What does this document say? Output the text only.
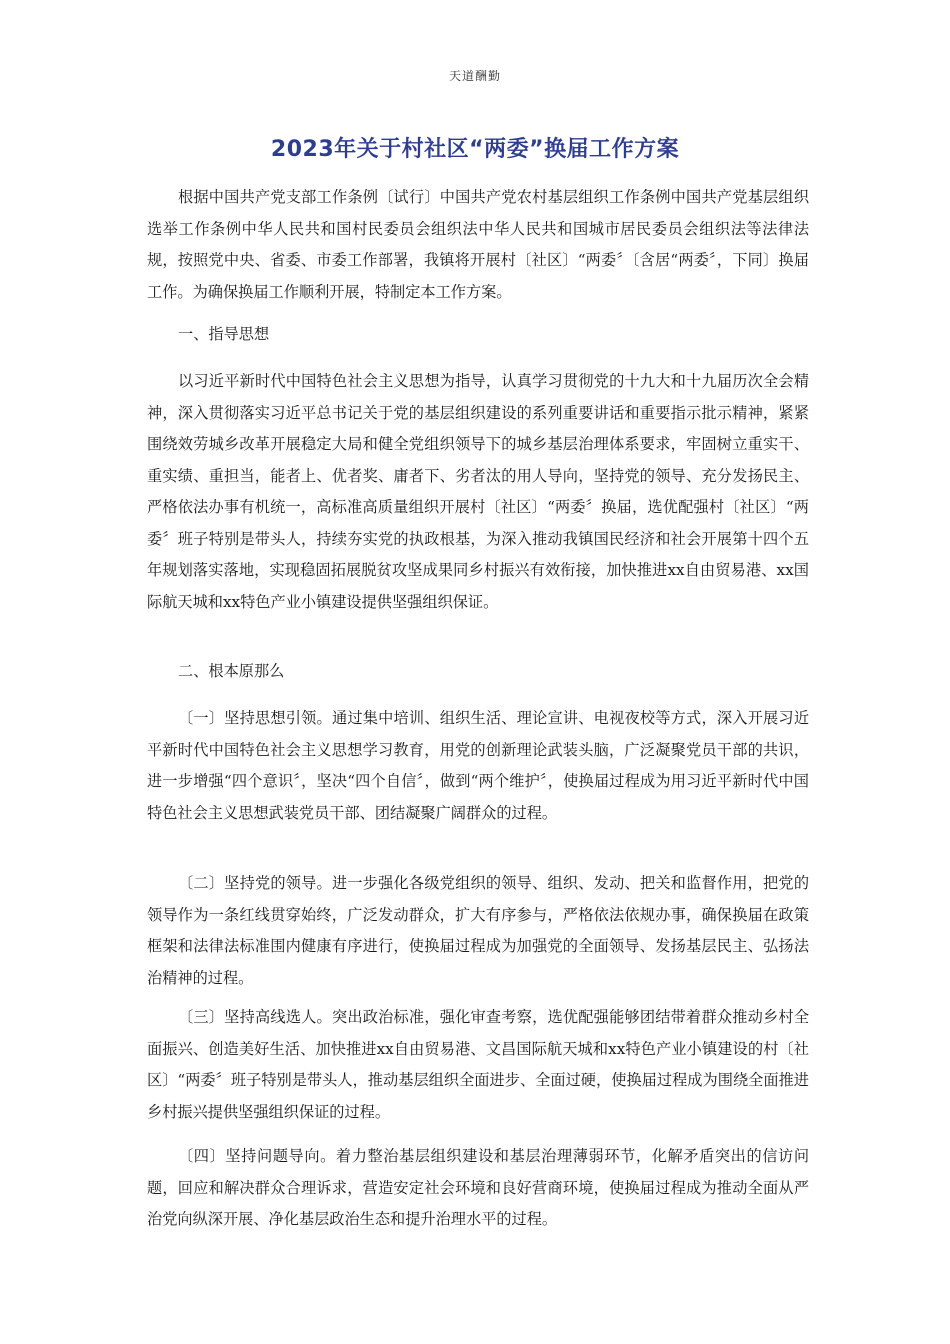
天道酬勤
2023年关于村社区“两委”换届工作方案

根据中国共产党支部工作条例〔试行〕中国共产党农村基层组织工作条例中国共产党基层组织选举工作条例中华人民共和国村民委员会组织法中华人民共和国城市居民委员会组织法等法律法规，按照党中央、省委、市委工作部署，我镇将开展村〔社区〕“两委〞〔含居“两委〞，下同〕换届工作。为确保换届工作顺利开展，特制定本工作方案。

一、指导思想

以习近平新时代中国特色社会主义思想为指导，认真学习贯彻党的十九大和十九届历次全会精神，深入贯彻落实习近平总书记关于党的基层组织建设的系列重要讲话和重要指示批示精神，紧紧围绕效劳城乡改革开展稳定大局和健全党组织领导下的城乡基层治理体系要求，牢固树立重实干、重实绩、重担当，能者上、优者奖、庸者下、劣者汰的用人导向，坚持党的领导、充分发扬民主、严格依法办事有机统一，高标准高质量组织开展村〔社区〕“两委〞换届，选优配强村〔社区〕“两委〞班子特别是带头人，持续夯实党的执政根基，为深入推动我镇国民经济和社会开展第十四个五年规划落实落地，实现稳固拓展脱贫攻坚成果同乡村振兴有效衔接，加快推进xx自由贸易港、xx国际航天城和xx特色产业小镇建设提供坚强组织保证。

二、根本原那么

〔一〕坚持思想引领。通过集中培训、组织生活、理论宣讲、电视夜校等方式，深入开展习近平新时代中国特色社会主义思想学习教育，用党的创新理论武装头脑，广泛凝聚党员干部的共识，进一步增强“四个意识〞，坚决“四个自信〞，做到“两个维护〞，使换届过程成为用习近平新时代中国特色社会主义思想武装党员干部、团结凝聚广阔群众的过程。

〔二〕坚持党的领导。进一步强化各级党组织的领导、组织、发动、把关和监督作用，把党的领导作为一条红线贯穿始终，广泛发动群众，扩大有序参与，严格依法依规办事，确保换届在政策框架和法律法标准围内健康有序进行，使换届过程成为加强党的全面领导、发扬基层民主、弘扬法治精神的过程。

〔三〕坚持高线选人。突出政治标准，强化审查考察，选优配强能够团结带着群众推动乡村全面振兴、创造美好生活、加快推进xx自由贸易港、文昌国际航天城和xx特色产业小镇建设的村〔社区〕“两委〞班子特别是带头人，推动基层组织全面进步、全面过硬，使换届过程成为围绕全面推进乡村振兴提供坚强组织保证的过程。

〔四〕坚持问题导向。着力整治基层组织建设和基层治理薄弱环节，化解矛盾突出的信访问题，回应和解决群众合理诉求，营造安定社会环境和良好营商环境，使换届过程成为推动全面从严治党向纵深开展、净化基层政治生态和提升治理水平的过程。
